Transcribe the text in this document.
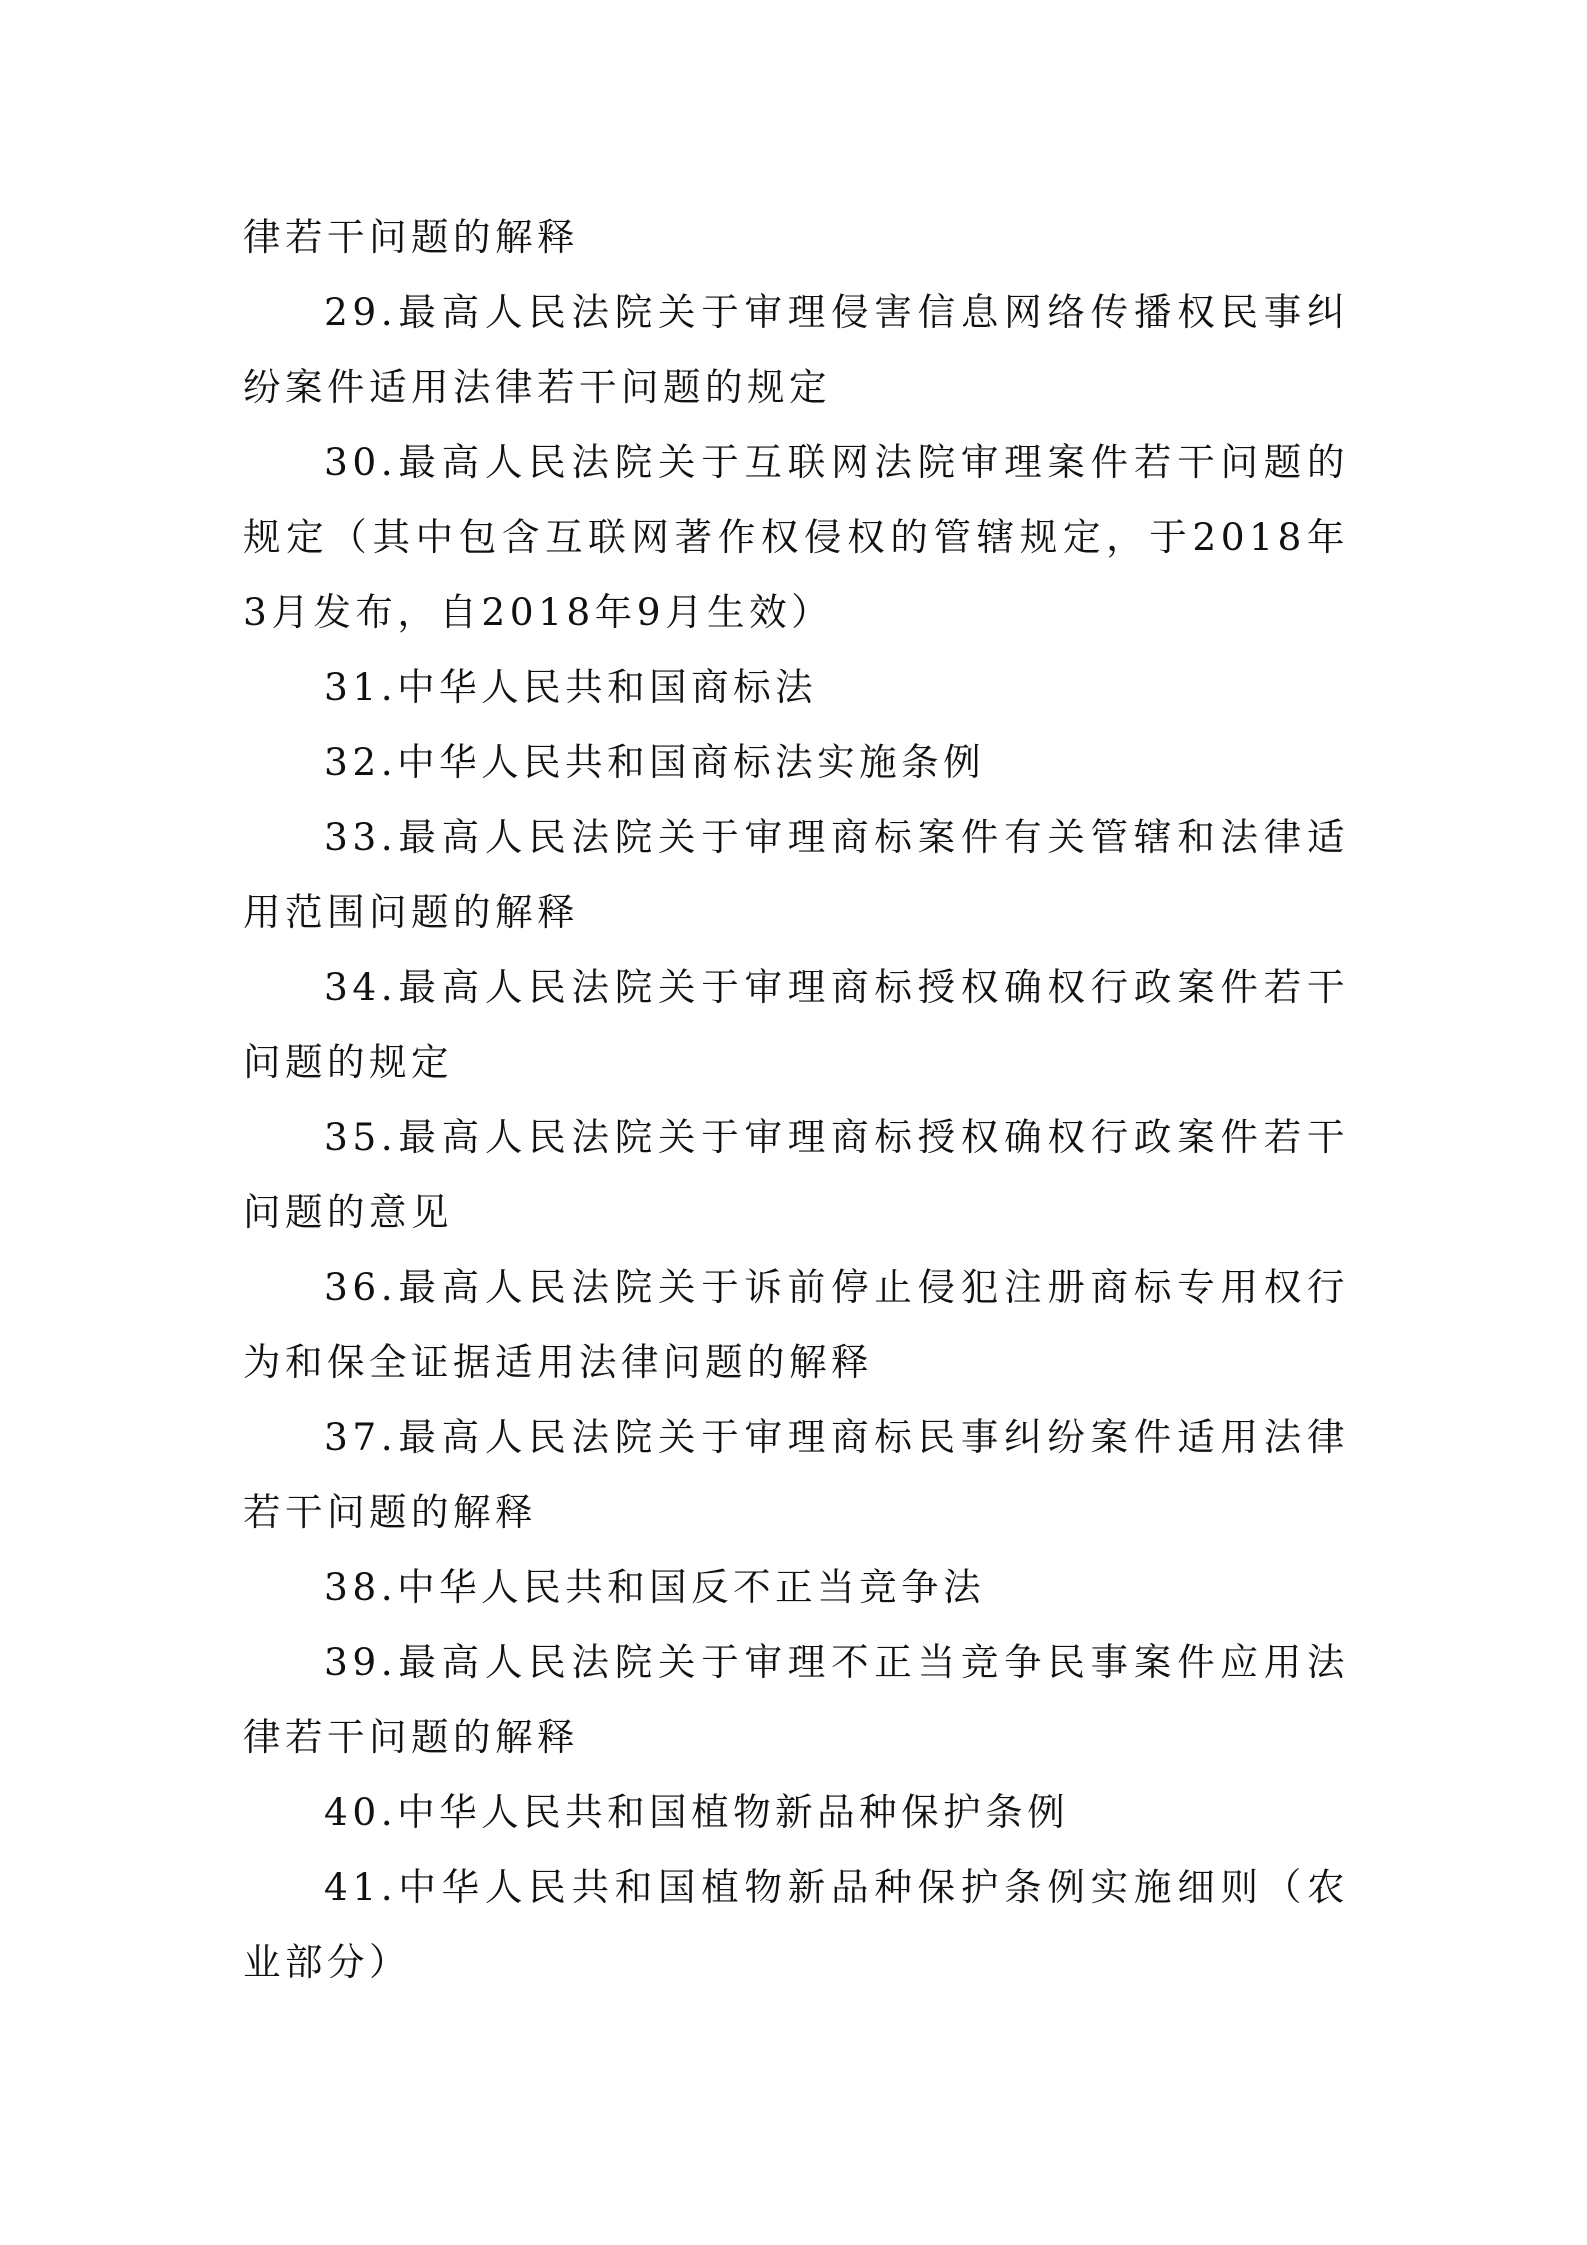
律若干问题的解释

29.最高人民法院关于审理侵害信息网络传播权民事纠纷案件适用法律若干问题的规定

30.最高人民法院关于互联网法院审理案件若干问题的规定（其中包含互联网著作权侵权的管辖规定，于2018年3月发布，自2018年9月生效）

31.中华人民共和国商标法

32.中华人民共和国商标法实施条例

33.最高人民法院关于审理商标案件有关管辖和法律适用范围问题的解释

34.最高人民法院关于审理商标授权确权行政案件若干问题的规定

35.最高人民法院关于审理商标授权确权行政案件若干问题的意见

36.最高人民法院关于诉前停止侵犯注册商标专用权行为和保全证据适用法律问题的解释

37.最高人民法院关于审理商标民事纠纷案件适用法律若干问题的解释

38.中华人民共和国反不正当竞争法

39.最高人民法院关于审理不正当竞争民事案件应用法律若干问题的解释

40.中华人民共和国植物新品种保护条例

41.中华人民共和国植物新品种保护条例实施细则（农业部分）
